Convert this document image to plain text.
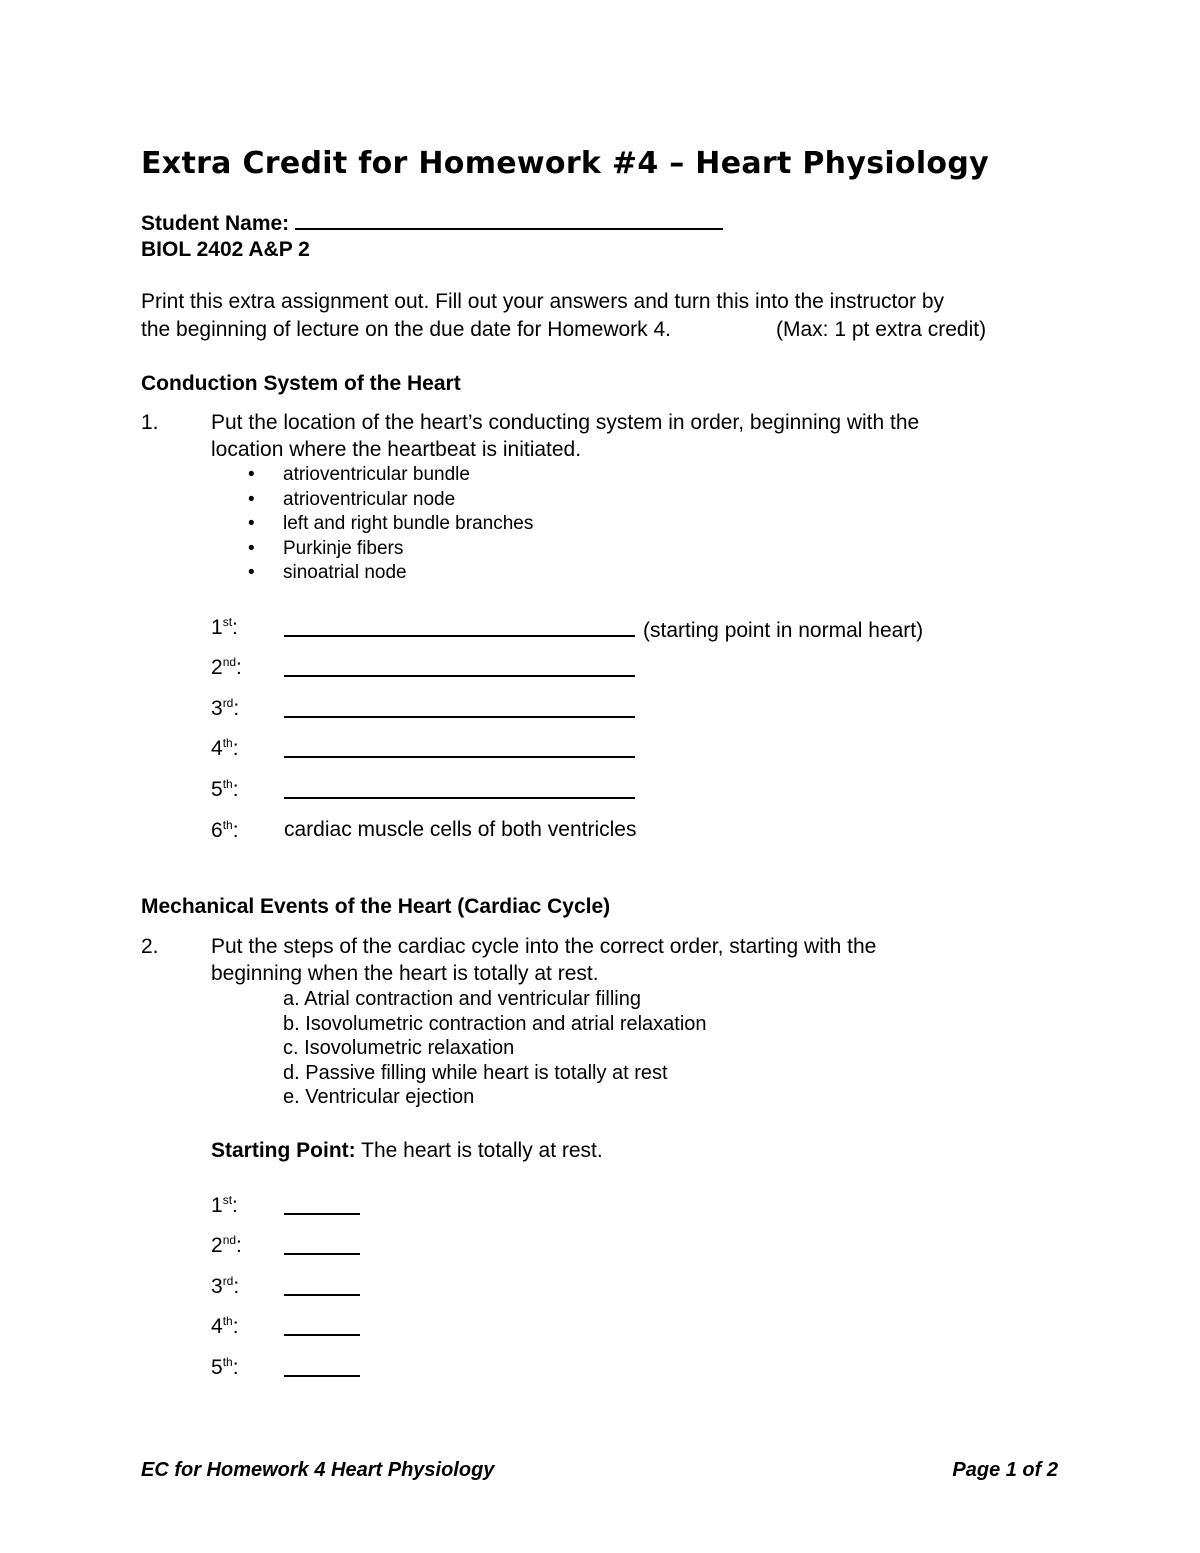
Extra Credit for Homework #4 – Heart Physiology
Student Name:
BIOL 2402 A&P 2
Print this extra assignment out. Fill out your answers and turn this into the instructor by
the beginning of lecture on the due date for Homework 4.	(Max: 1 pt extra credit)
Conduction System of the Heart
1. Put the location of the heart’s conducting system in order, beginning with the
location where the heartbeat is initiated.
• atrioventricular bundle
• atrioventricular node
• left and right bundle branches
• Purkinje fibers
• sinoatrial node
1st:	(starting point in normal heart)
2nd:
3rd:
4th:
5th:
6th: cardiac muscle cells of both ventricles
Mechanical Events of the Heart (Cardiac Cycle)
2. Put the steps of the cardiac cycle into the correct order, starting with the
beginning when the heart is totally at rest.
a. Atrial contraction and ventricular filling
b. Isovolumetric contraction and atrial relaxation
c. Isovolumetric relaxation
d. Passive filling while heart is totally at rest
e. Ventricular ejection
Starting Point: The heart is totally at rest.
1st:
2nd:
3rd:
4th:
5th:
EC for Homework 4 Heart Physiology	Page 1 of 2
